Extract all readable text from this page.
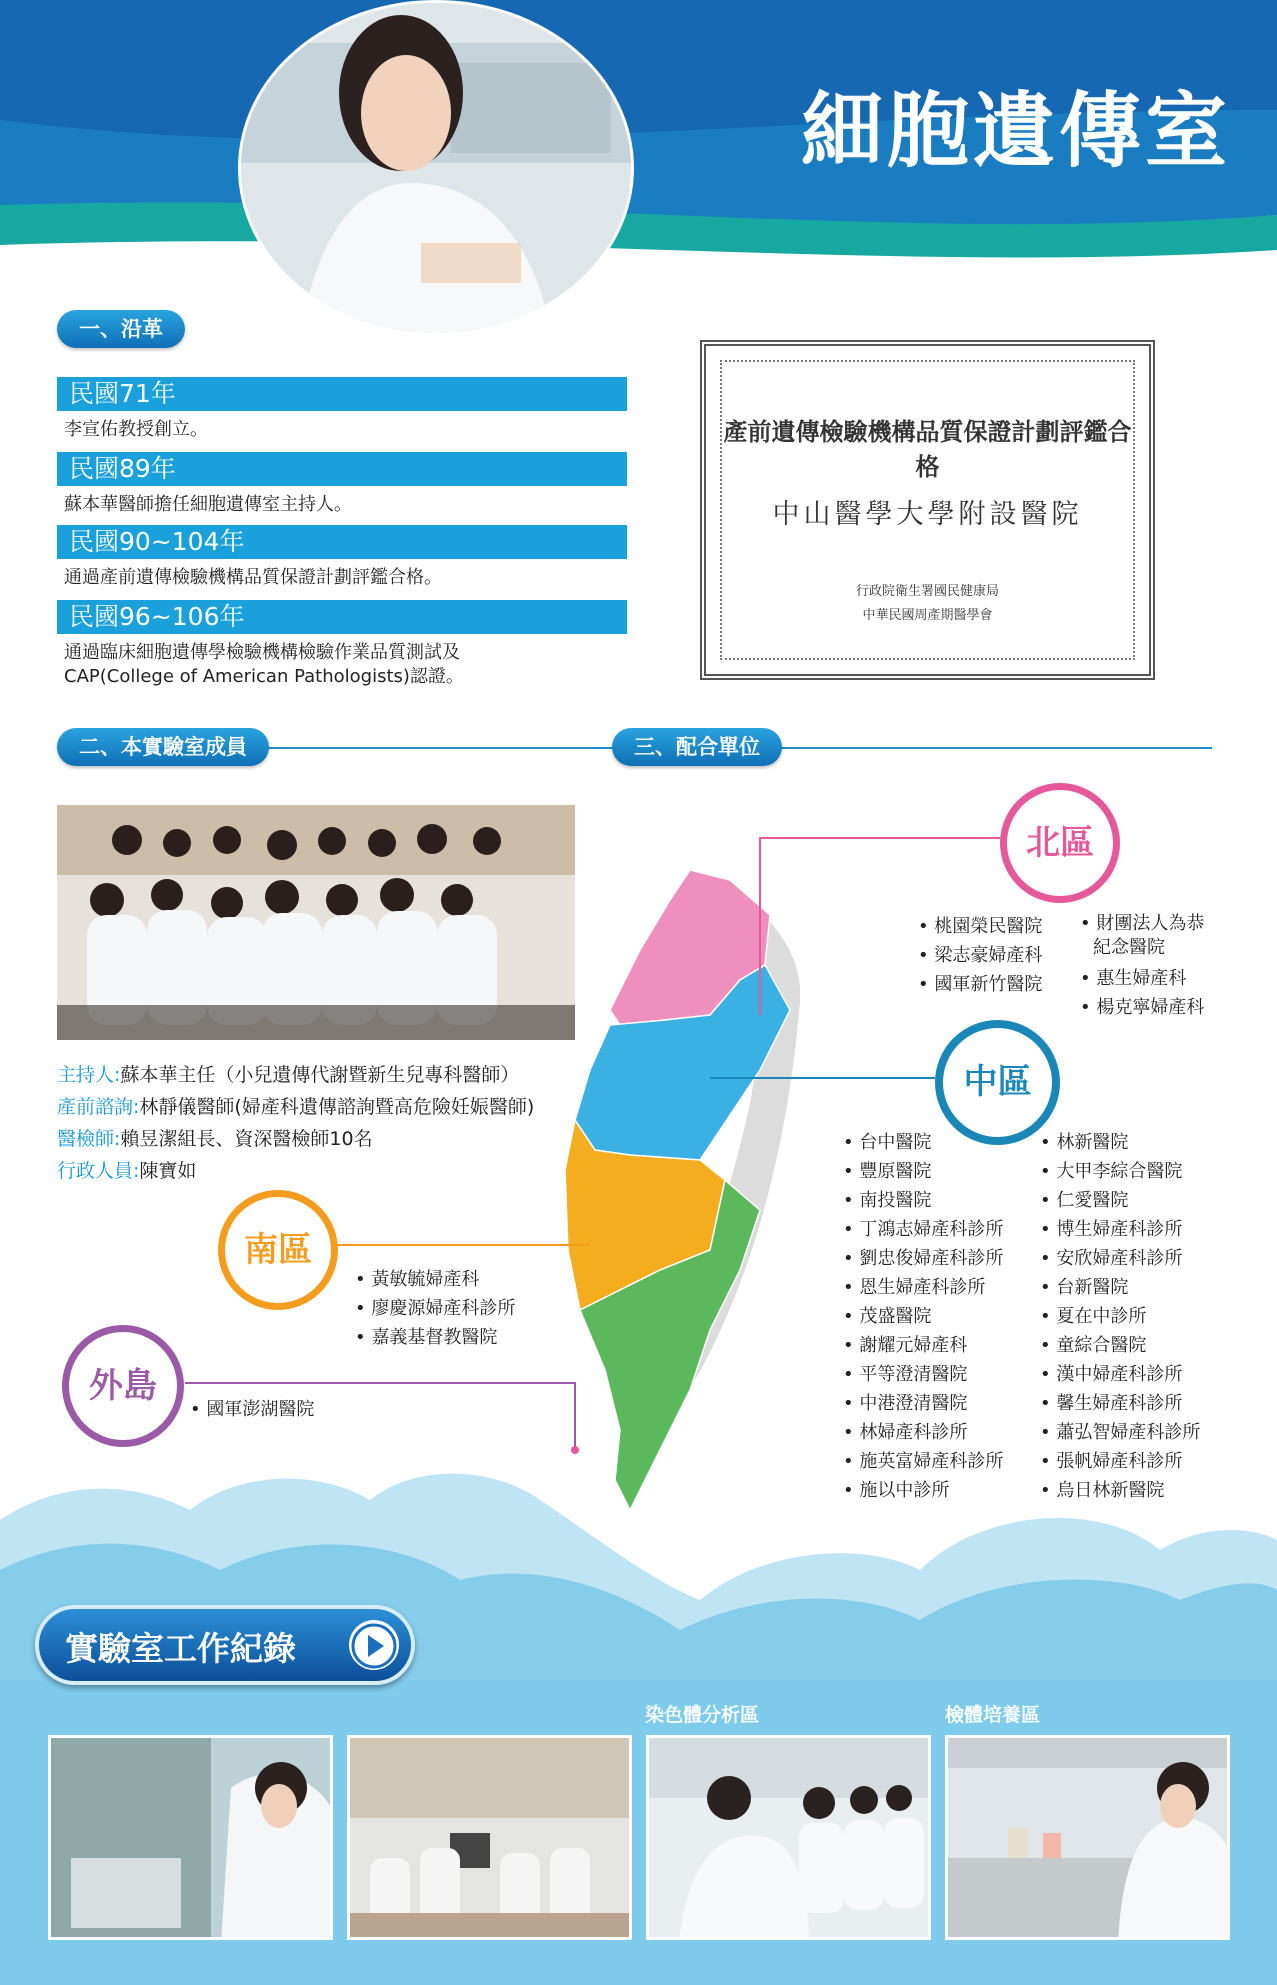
細胞遺傳室
一、沿革
民國71年
李宣佑教授創立。
民國89年
蘇本華醫師擔任細胞遺傳室主持人。
民國90~104年
通過產前遺傳檢驗機構品質保證計劃評鑑合格。
民國96~106年
通過臨床細胞遺傳學檢驗機構檢驗作業品質測試及
CAP(College of American Pathologists)認證。
產前遺傳檢驗機構品質保證計劃評鑑合格
中山醫學大學附設醫院
行政院衛生署國民健康局
中華民國周產期醫學會
二、本實驗室成員	三、配合單位
主持人:蘇本華主任（小兒遺傳代謝暨新生兒專科醫師）
產前諮詢:林靜儀醫師(婦產科遺傳諮詢暨高危險妊娠醫師)
醫檢師:賴昱潔組長、資深醫檢師10名
行政人員:陳寶如
北區
中區
南區
外島
• 桃園榮民醫院
• 梁志豪婦產科
• 國軍新竹醫院
• 財團法人為恭
紀念醫院
• 惠生婦產科
• 楊克寧婦產科
• 台中醫院
• 豐原醫院
• 南投醫院
• 丁鴻志婦產科診所
• 劉忠俊婦產科診所
• 恩生婦產科診所
• 茂盛醫院
• 謝耀元婦產科
• 平等澄清醫院
• 中港澄清醫院
• 林婦產科診所
• 施英富婦產科診所
• 施以中診所
• 林新醫院
• 大甲李綜合醫院
• 仁愛醫院
• 博生婦產科診所
• 安欣婦產科診所
• 台新醫院
• 夏在中診所
• 童綜合醫院
• 漢中婦產科診所
• 馨生婦產科診所
• 蕭弘智婦產科診所
• 張帆婦產科診所
• 烏日林新醫院
• 黃敏毓婦產科
• 廖慶源婦產科診所
• 嘉義基督教醫院
• 國軍澎湖醫院
實驗室工作紀錄
染色體分析區	檢體培養區
